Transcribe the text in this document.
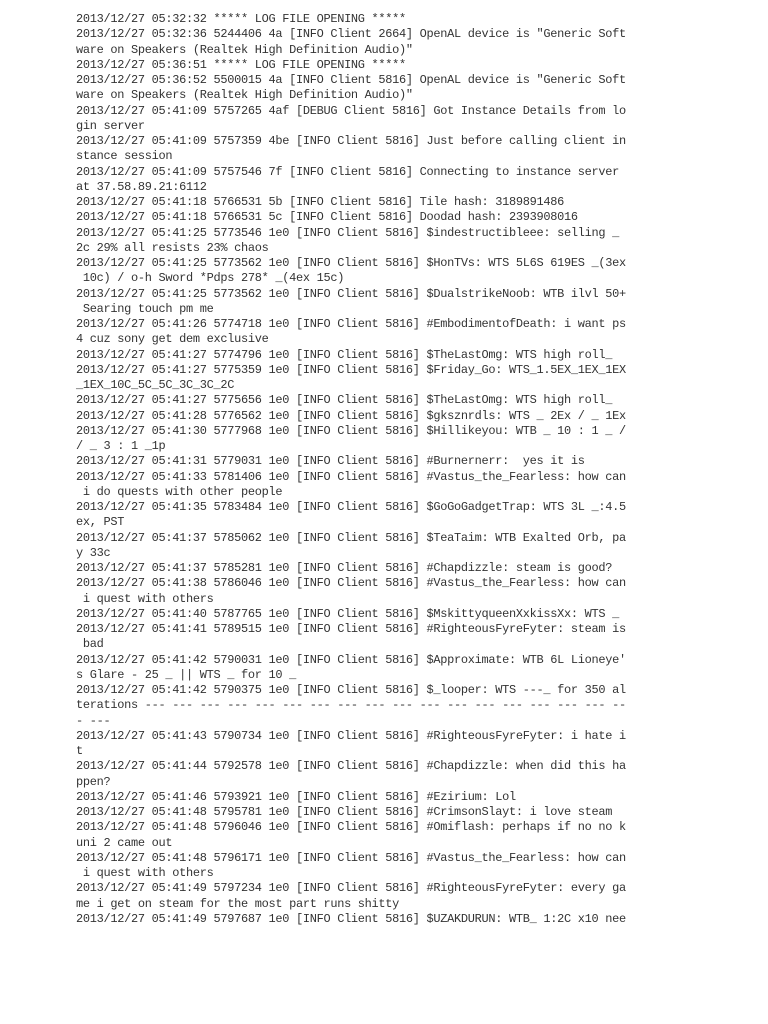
2013/12/27 05:32:32 ***** LOG FILE OPENING *****
2013/12/27 05:32:36 5244406 4a [INFO Client 2664] OpenAL device is "Generic Soft
ware on Speakers (Realtek High Definition Audio)"
2013/12/27 05:36:51 ***** LOG FILE OPENING *****
2013/12/27 05:36:52 5500015 4a [INFO Client 5816] OpenAL device is "Generic Soft
ware on Speakers (Realtek High Definition Audio)"
2013/12/27 05:41:09 5757265 4af [DEBUG Client 5816] Got Instance Details from lo
gin server
2013/12/27 05:41:09 5757359 4be [INFO Client 5816] Just before calling client in
stance session
2013/12/27 05:41:09 5757546 7f [INFO Client 5816] Connecting to instance server
at 37.58.89.21:6112
2013/12/27 05:41:18 5766531 5b [INFO Client 5816] Tile hash: 3189891486
2013/12/27 05:41:18 5766531 5c [INFO Client 5816] Doodad hash: 2393908016
2013/12/27 05:41:25 5773546 1e0 [INFO Client 5816] $indestructibleee: selling _
2c 29% all resists 23% chaos
2013/12/27 05:41:25 5773562 1e0 [INFO Client 5816] $HonTVs: WTS 5L6S 619ES _(3ex
10c) / o-h Sword *Pdps 278* _(4ex 15c)
2013/12/27 05:41:25 5773562 1e0 [INFO Client 5816] $DualstrikeNoob: WTB ilvl 50+
Searing touch pm me
2013/12/27 05:41:26 5774718 1e0 [INFO Client 5816] #EmbodimentofDeath: i want ps
4 cuz sony get dem exclusive
2013/12/27 05:41:27 5774796 1e0 [INFO Client 5816] $TheLastOmg: WTS high roll_
2013/12/27 05:41:27 5775359 1e0 [INFO Client 5816] $Friday_Go: WTS_1.5EX_1EX_1EX
_1EX_10C_5C_5C_3C_3C_2C
2013/12/27 05:41:27 5775656 1e0 [INFO Client 5816] $TheLastOmg: WTS high roll_
2013/12/27 05:41:28 5776562 1e0 [INFO Client 5816] $gksznrdls: WTS _ 2Ex / _ 1Ex
2013/12/27 05:41:30 5777968 1e0 [INFO Client 5816] $Hillikeyou: WTB _ 10 : 1 _ /
/ _ 3 : 1 _1p
2013/12/27 05:41:31 5779031 1e0 [INFO Client 5816] #Burnernerr:  yes it is
2013/12/27 05:41:33 5781406 1e0 [INFO Client 5816] #Vastus_the_Fearless: how can
i do quests with other people
2013/12/27 05:41:35 5783484 1e0 [INFO Client 5816] $GoGoGadgetTrap: WTS 3L _:4.5
ex, PST
2013/12/27 05:41:37 5785062 1e0 [INFO Client 5816] $TeaTaim: WTB Exalted Orb, pa
y 33c
2013/12/27 05:41:37 5785281 1e0 [INFO Client 5816] #Chapdizzle: steam is good?
2013/12/27 05:41:38 5786046 1e0 [INFO Client 5816] #Vastus_the_Fearless: how can
i quest with others
2013/12/27 05:41:40 5787765 1e0 [INFO Client 5816] $MskittyqueenXxkissXx: WTS _
2013/12/27 05:41:41 5789515 1e0 [INFO Client 5816] #RighteousFyreFyter: steam is
bad
2013/12/27 05:41:42 5790031 1e0 [INFO Client 5816] $Approximate: WTB 6L Lioneye'
s Glare - 25 _ || WTS _ for 10 _
2013/12/27 05:41:42 5790375 1e0 [INFO Client 5816] $_looper: WTS ---_ for 350 al
terations --- --- --- --- --- --- --- --- --- --- --- --- --- --- --- --- --- --
- ---
2013/12/27 05:41:43 5790734 1e0 [INFO Client 5816] #RighteousFyreFyter: i hate i
t
2013/12/27 05:41:44 5792578 1e0 [INFO Client 5816] #Chapdizzle: when did this ha
ppen?
2013/12/27 05:41:46 5793921 1e0 [INFO Client 5816] #Ezirium: Lol
2013/12/27 05:41:48 5795781 1e0 [INFO Client 5816] #CrimsonSlayt: i love steam
2013/12/27 05:41:48 5796046 1e0 [INFO Client 5816] #Omiflash: perhaps if no no k
uni 2 came out
2013/12/27 05:41:48 5796171 1e0 [INFO Client 5816] #Vastus_the_Fearless: how can
i quest with others
2013/12/27 05:41:49 5797234 1e0 [INFO Client 5816] #RighteousFyreFyter: every ga
me i get on steam for the most part runs shitty
2013/12/27 05:41:49 5797687 1e0 [INFO Client 5816] $UZAKDURUN: WTB_ 1:2C x10 nee
